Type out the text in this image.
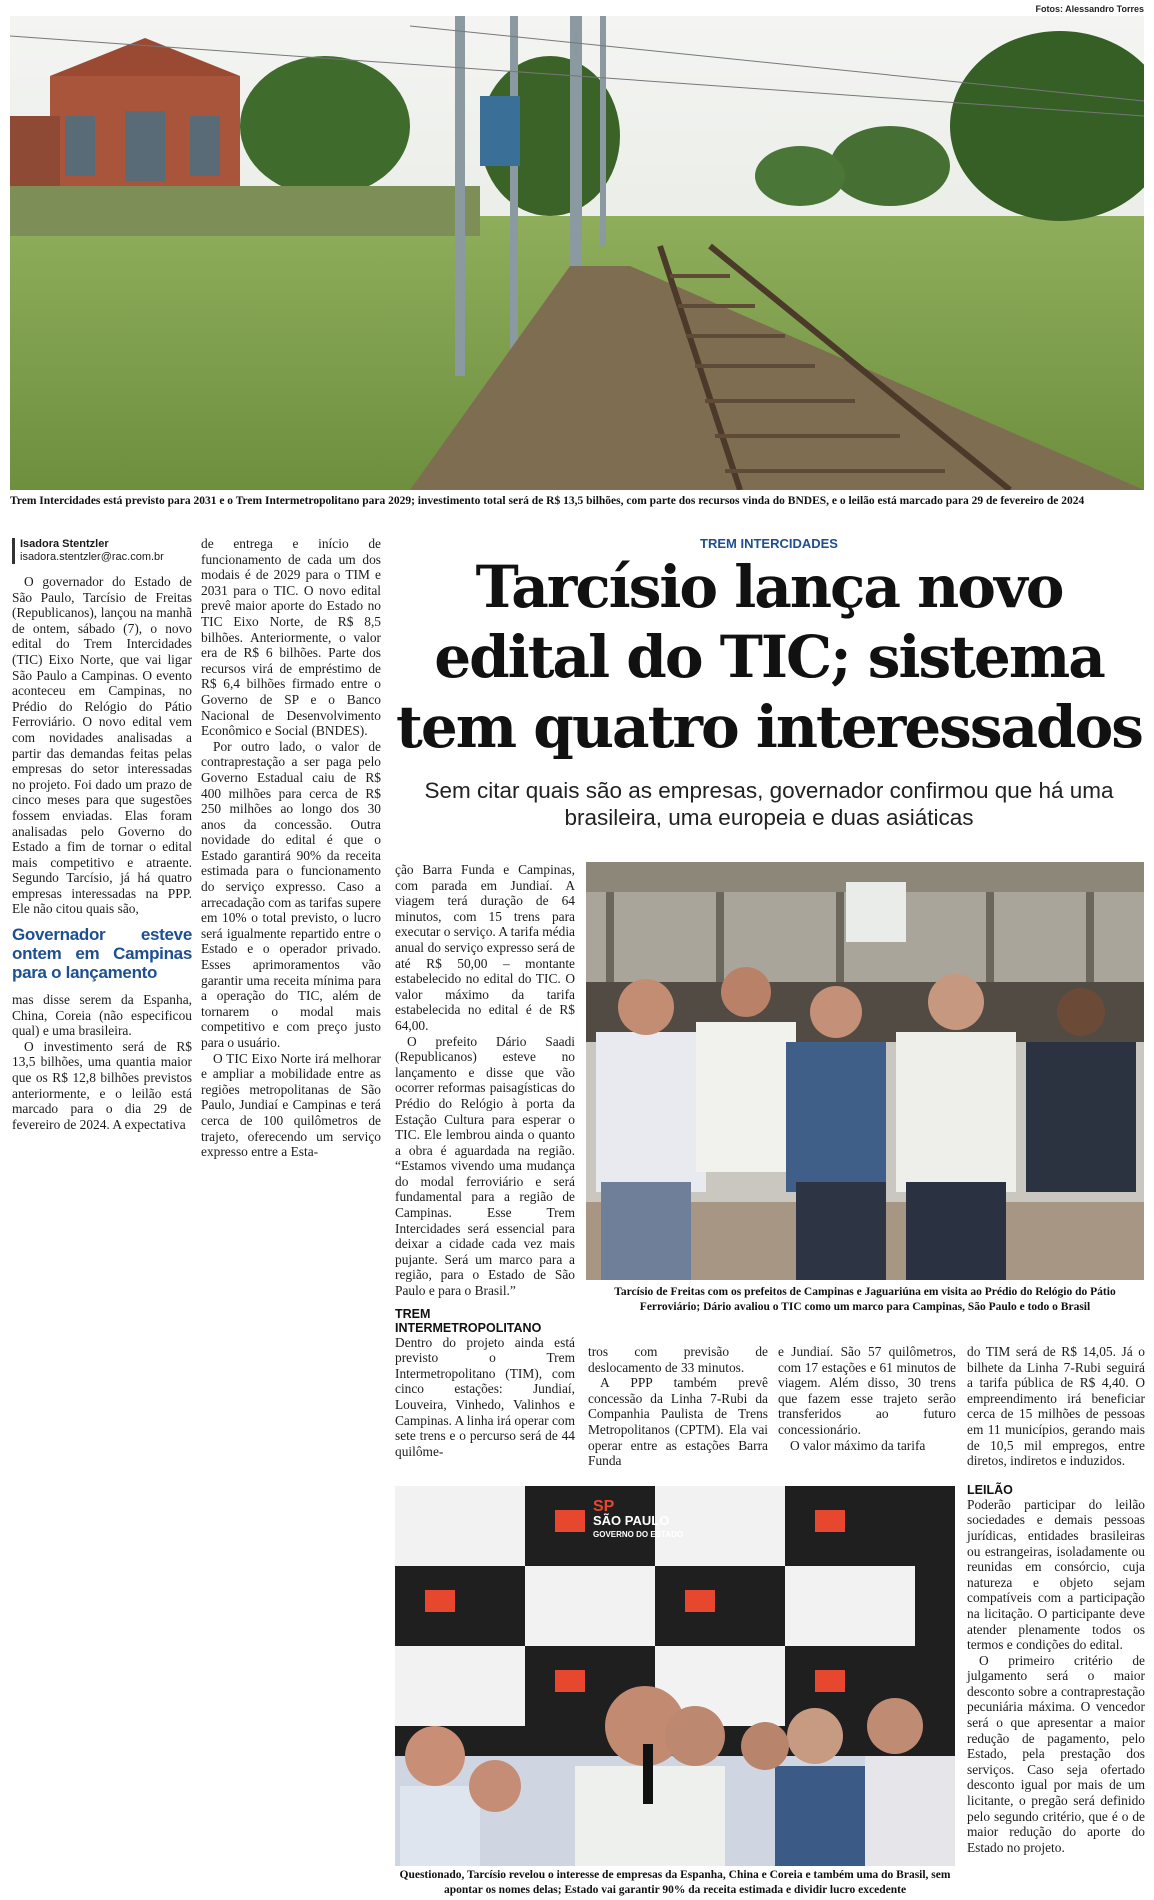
Fotos: Alessandro Torres
Trem Intercidades está previsto para 2031 e o Trem Intermetropolitano para 2029; investimento total será de R$ 13,5 bilhões, com parte dos recursos vinda do BNDES, e o leilão está marcado para 29 de fevereiro de 2024
Isadora Stentzler
isadora.stentzler@rac.com.br

O governador do Estado de São Paulo, Tarcísio de Freitas (Republicanos), lançou na manhã de ontem, sábado (7), o novo edital do Trem Intercidades (TIC) Eixo Norte, que vai ligar São Paulo a Campinas. O evento aconteceu em Campinas, no Prédio do Relógio do Pátio Ferroviário. O novo edital vem com novidades analisadas a partir das demandas feitas pelas empresas do setor interessadas no projeto. Foi dado um prazo de cinco meses para que sugestões fossem enviadas. Elas foram analisadas pelo Governo do Estado a fim de tornar o edital mais competitivo e atraente. Segundo Tarcísio, já há quatro empresas interessadas na PPP. Ele não citou quais são,

Governador esteve ontem em Campinas para o lançamento

mas disse serem da Espanha, China, Coreia (não especificou qual) e uma brasileira.

O investimento será de R$ 13,5 bilhões, uma quantia maior que os R$ 12,8 bilhões previstos anteriormente, e o leilão está marcado para o dia 29 de fevereiro de 2024. A expectativa

de entrega e início de funcionamento de cada um dos modais é de 2029 para o TIM e 2031 para o TIC. O novo edital prevê maior aporte do Estado no TIC Eixo Norte, de R$ 8,5 bilhões. Anteriormente, o valor era de R$ 6 bilhões. Parte dos recursos virá de empréstimo de R$ 6,4 bilhões firmado entre o Governo de SP e o Banco Nacional de Desenvolvimento Econômico e Social (BNDES).

Por outro lado, o valor de contraprestação a ser paga pelo Governo Estadual caiu de R$ 400 milhões para cerca de R$ 250 milhões ao longo dos 30 anos da concessão. Outra novidade do edital é que o Estado garantirá 90% da receita estimada para o funcionamento do serviço expresso. Caso a arrecadação com as tarifas supere em 10% o total previsto, o lucro será igualmente repartido entre o Estado e o operador privado. Esses aprimoramentos vão garantir uma receita mínima para a operação do TIC, além de tornarem o modal mais competitivo e com preço justo para o usuário.

O TIC Eixo Norte irá melhorar e ampliar a mobilidade entre as regiões metropolitanas de São Paulo, Jundiaí e Campinas e terá cerca de 100 quilômetros de trajeto, oferecendo um serviço expresso entre a Esta-

TREM INTERCIDADES
Tarcísio lança novo edital do TIC; sistema tem quatro interessados
Sem citar quais são as empresas, governador confirmou que há uma brasileira, uma europeia e duas asiáticas

ção Barra Funda e Campinas, com parada em Jundiaí. A viagem terá duração de 64 minutos, com 15 trens para executar o serviço. A tarifa média anual do serviço expresso será de até R$ 50,00 – montante estabelecido no edital do TIC. O valor máximo da tarifa estabelecida no edital é de R$ 64,00.

O prefeito Dário Saadi (Republicanos) esteve no lançamento e disse que vão ocorrer reformas paisagísticas do Prédio do Relógio à porta da Estação Cultura para esperar o TIC. Ele lembrou ainda o quanto a obra é aguardada na região. “Estamos vivendo uma mudança do modal ferroviário e será fundamental para a região de Campinas. Esse Trem Intercidades será essencial para deixar a cidade cada vez mais pujante. Será um marco para a região, para o Estado de São Paulo e para o Brasil.”

TREM INTERMETROPOLITANO

Dentro do projeto ainda está previsto o Trem Intermetropolitano (TIM), com cinco estações: Jundiaí, Louveira, Vinhedo, Valinhos e Campinas. A linha irá operar com sete trens e o percurso será de 44 quilôme-

Tarcísio de Freitas com os prefeitos de Campinas e Jaguariúna em visita ao Prédio do Relógio do Pátio Ferroviário; Dário avaliou o TIC como um marco para Campinas, São Paulo e todo o Brasil

tros com previsão de deslocamento de 33 minutos.

A PPP também prevê concessão da Linha 7-Rubi da Companhia Paulista de Trens Metropolitanos (CPTM). Ela vai operar entre as estações Barra Funda

e Jundiaí. São 57 quilômetros, com 17 estações e 61 minutos de viagem. Além disso, 30 trens que fazem esse trajeto serão transferidos ao futuro concessionário.

O valor máximo da tarifa

do TIM será de R$ 14,05. Já o bilhete da Linha 7-Rubi seguirá a tarifa pública de R$ 4,40. O empreendimento irá beneficiar cerca de 15 milhões de pessoas em 11 municípios, gerando mais de 10,5 mil empregos, entre diretos, indiretos e induzidos.

LEILÃO

Poderão participar do leilão sociedades e demais pessoas jurídicas, entidades brasileiras ou estrangeiras, isoladamente ou reunidas em consórcio, cuja natureza e objeto sejam compatíveis com a participação na licitação. O participante deve atender plenamente todos os termos e condições do edital.

O primeiro critério de julgamento será o maior desconto sobre a contraprestação pecuniária máxima. O vencedor será o que apresentar a maior redução de pagamento, pelo Estado, pela prestação dos serviços. Caso seja ofertado desconto igual por mais de um licitante, o pregão será definido pelo segundo critério, que é o de maior redução do aporte do Estado no projeto.

SP
SÃO PAULO
GOVERNO DO ESTADO
Questionado, Tarcísio revelou o interesse de empresas da Espanha, China e Coreia e também uma do Brasil, sem apontar os nomes delas; Estado vai garantir 90% da receita estimada e dividir lucro excedente
